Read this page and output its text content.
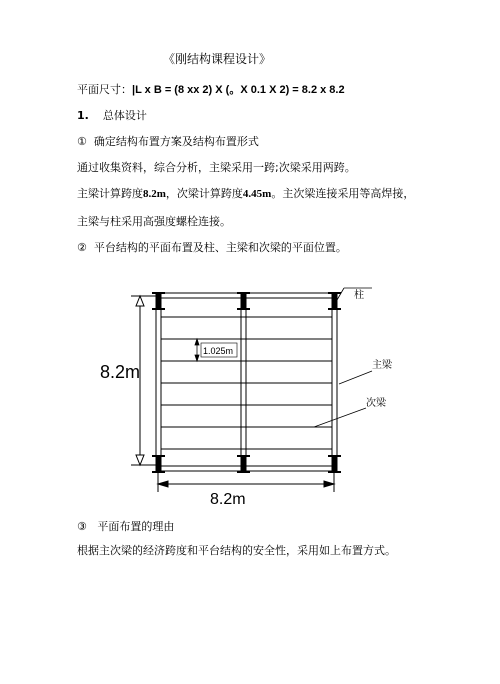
《刚结构课程设计》
平面尺寸：|L x B = (8 xx 2) X (。X 0.1 X 2) = 8.2 x 8.2
1. 总体设计
① 确定结构布置方案及结构布置形式
通过收集资料，综合分析，主梁采用一跨;次梁采用两跨。
主梁计算跨度8.2m，次梁计算跨度4.45m。主次梁连接采用等高焊接，
主梁与柱采用高强度螺栓连接。
② 平台结构的平面布置及柱、主梁和次梁的平面位置。
8.2m
8.2m
1.025m
柱
主梁
次梁
③ 平面布置的理由
根据主次梁的经济跨度和平台结构的安全性，采用如上布置方式。
